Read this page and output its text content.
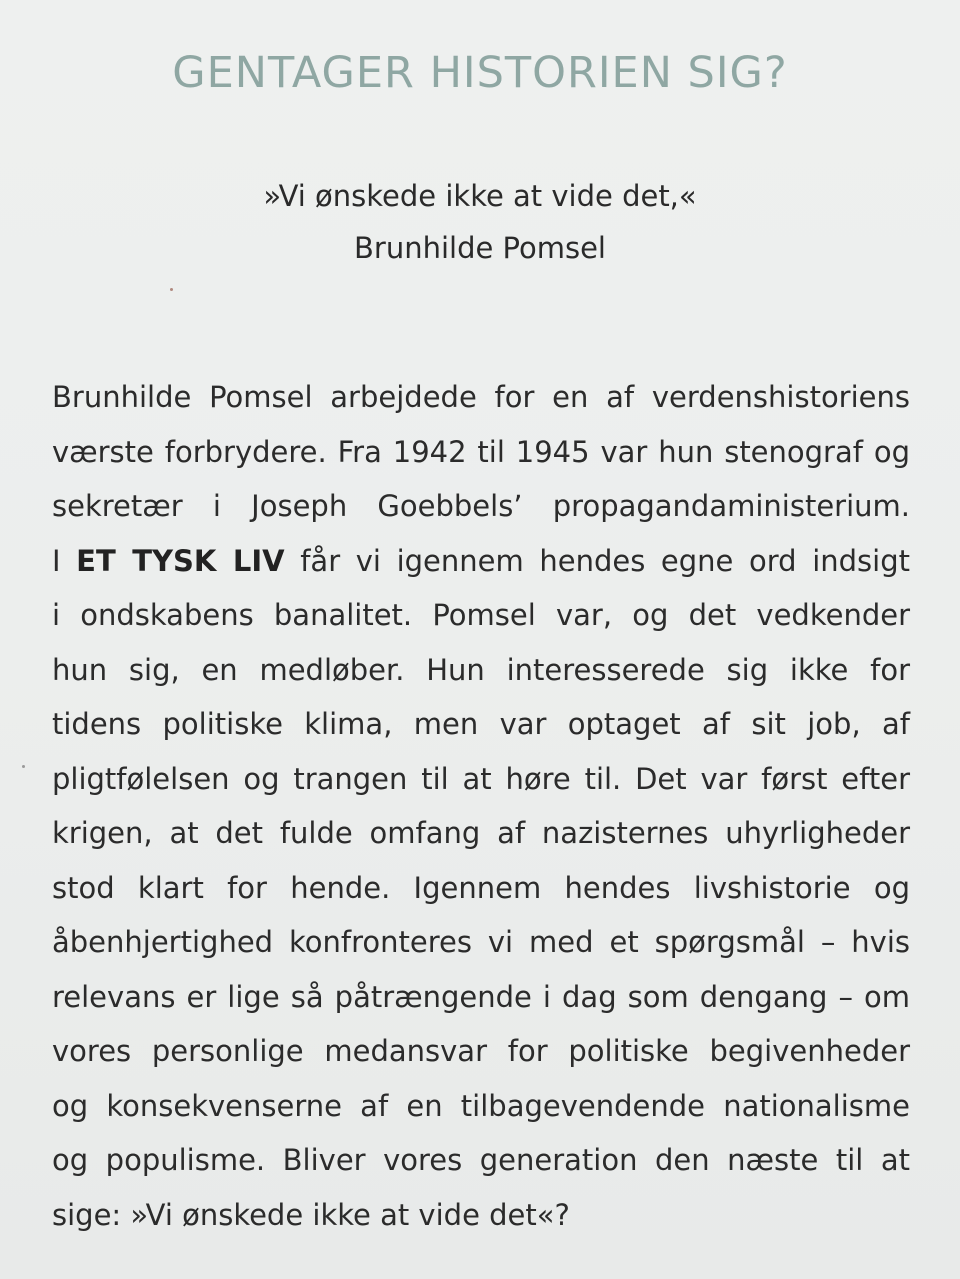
GENTAGER HISTORIEN SIG?
»Vi ønskede ikke at vide det,«
Brunhilde Pomsel
Brunhilde Pomsel arbejdede for en af verdenshistoriens
værste forbrydere. Fra 1942 til 1945 var hun stenograf og
sekretær i Joseph Goebbels’ propagandaministerium.
I ET TYSK LIV får vi igennem hendes egne ord indsigt
i ondskabens banalitet. Pomsel var, og det vedkender
hun sig, en medløber. Hun interesserede sig ikke for
tidens politiske klima, men var optaget af sit job, af
pligtfølelsen og trangen til at høre til. Det var først efter
krigen, at det fulde omfang af nazisternes uhyrligheder
stod klart for hende. Igennem hendes livshistorie og
åbenhjertighed konfronteres vi med et spørgsmål – hvis
relevans er lige så påtrængende i dag som dengang – om
vores personlige medansvar for politiske begivenheder
og konsekvenserne af en tilbagevendende nationalisme
og populisme. Bliver vores generation den næste til at
sige: »Vi ønskede ikke at vide det«?
